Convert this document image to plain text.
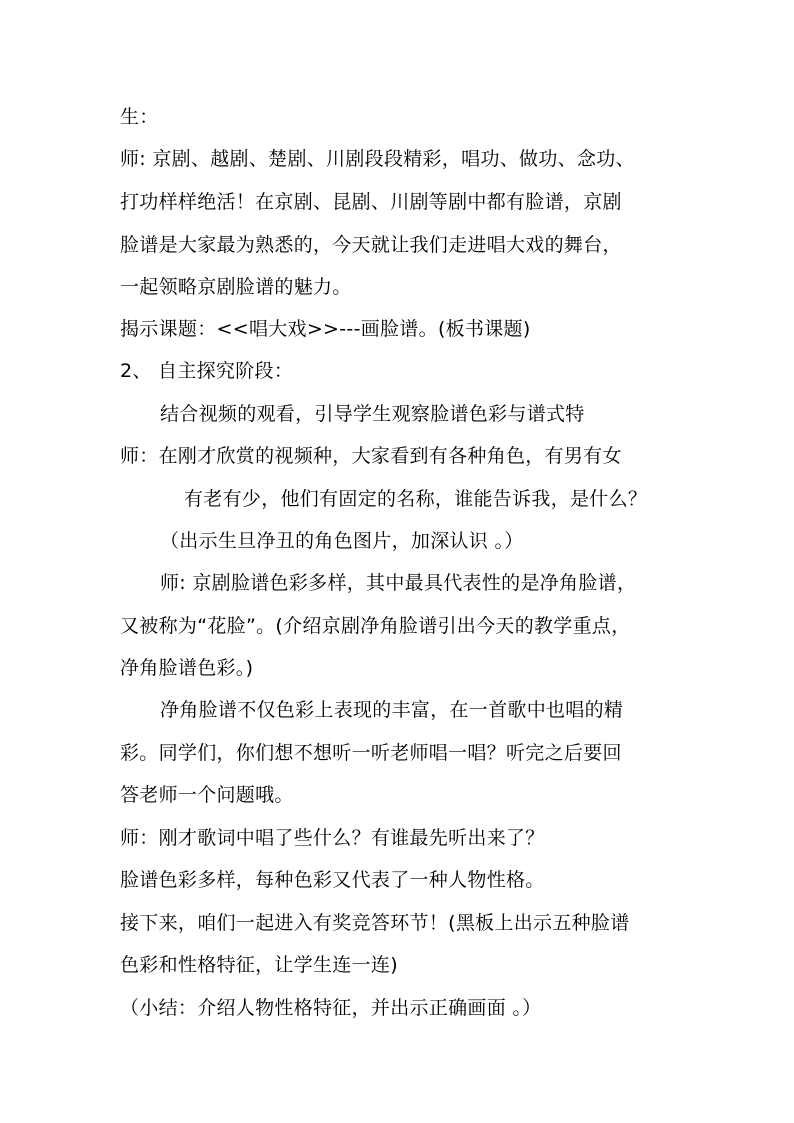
生：
师: 京剧、越剧、楚剧、川剧段段精彩，唱功、做功、念功、
打功样样绝活！在京剧、昆剧、川剧等剧中都有脸谱，京剧
脸谱是大家最为熟悉的，今天就让我们走进唱大戏的舞台，
一起领略京剧脸谱的魅力。
揭示课题：<<唱大戏>>---画脸谱。(板书课题)
2、 自主探究阶段：
结合视频的观看，引导学生观察脸谱色彩与谱式特
师：在刚才欣赏的视频种，大家看到有各种角色，有男有女
有老有少，他们有固定的名称，谁能告诉我，是什么？
（出示生旦净丑的角色图片，加深认识 。）
师: 京剧脸谱色彩多样，其中最具代表性的是净角脸谱，
又被称为“花脸”。(介绍京剧净角脸谱引出今天的教学重点，
净角脸谱色彩。)
净角脸谱不仅色彩上表现的丰富，在一首歌中也唱的精
彩。同学们，你们想不想听一听老师唱一唱？听完之后要回
答老师一个问题哦。
师：刚才歌词中唱了些什么？有谁最先听出来了？
脸谱色彩多样，每种色彩又代表了一种人物性格。
接下来，咱们一起进入有奖竞答环节！(黑板上出示五种脸谱
色彩和性格特征，让学生连一连)
（小结：介绍人物性格特征，并出示正确画面 。）
